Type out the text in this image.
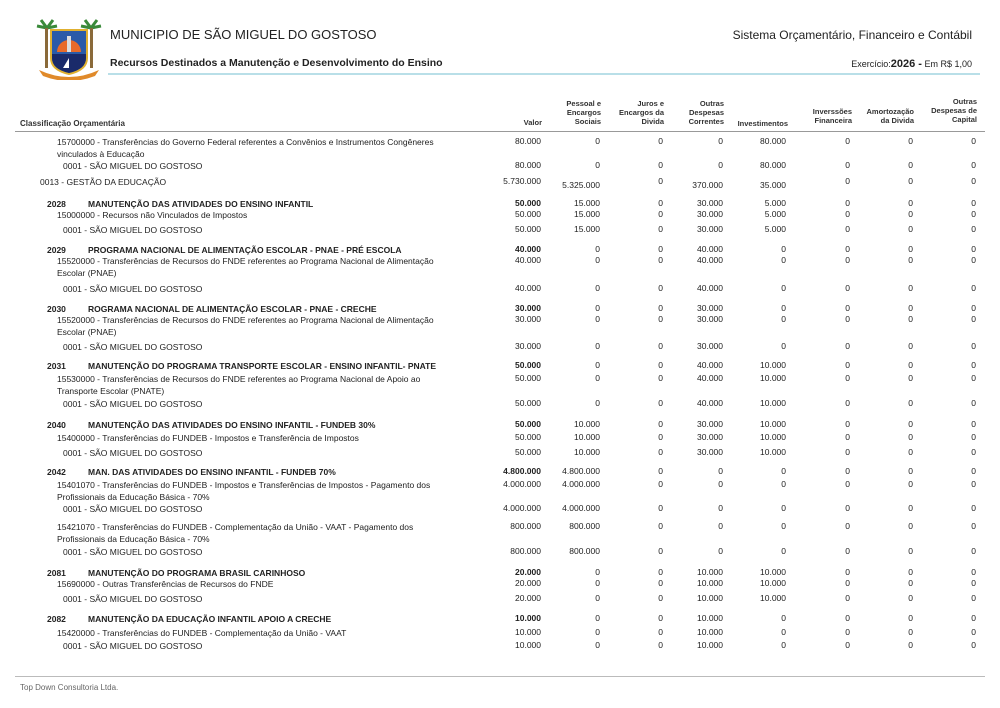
MUNICIPIO DE SÃO MIGUEL DO GOSTOSO	Sistema Orçamentário, Financeiro e Contábil
Recursos Destinados a Manutenção e Desenvolvimento do Ensino	Exercício:2026 - Em R$ 1,00
Classificação Orçamentária	Valor
Pessoal e Encargos Sociais
Juros e Encargos da Divida
Outras Despesas Correntes	Investimentos
Inverssões Financeira
Amortozação da Divida
Outras Despesas de Capital
15700000 - Transferências do Governo Federal referentes a Convênios e Instrumentos Congêneres vinculados à Educação
80.000	0	0	0	80.000	0	0	0
0001 - SÃO MIGUEL DO GOSTOSO	80.000	0	0	0	80.000	0	0	0
0013 - GESTÃO DA EDUCAÇÃO	5.730.000	5.325.000	0	370.000	35.000	0	0	0
2028	MANUTENÇÃO DAS ATIVIDADES DO ENSINO INFANTIL	50.000	15.000	0	30.000	5.000	0	0	0
15000000 - Recursos não Vinculados de Impostos	50.000	15.000	0	30.000	5.000	0	0	0
0001 - SÃO MIGUEL DO GOSTOSO	50.000	15.000	0	30.000	5.000	0	0	0
2029	PROGRAMA NACIONAL DE ALIMENTAÇÃO ESCOLAR - PNAE - PRÉ ESCOLA	40.000	0	0	40.000	0	0	0	0
15520000 - Transferências de Recursos do FNDE referentes ao Programa Nacional de Alimentação Escolar (PNAE)
40.000	0	0	40.000	0	0	0	0
0001 - SÃO MIGUEL DO GOSTOSO	40.000	0	0	40.000	0	0	0	0
2030	ROGRAMA NACIONAL DE ALIMENTAÇÃO ESCOLAR - PNAE - CRECHE	30.000	0	0	30.000	0	0	0	0
15520000 - Transferências de Recursos do FNDE referentes ao Programa Nacional de Alimentação Escolar (PNAE)
30.000	0	0	30.000	0	0	0	0
0001 - SÃO MIGUEL DO GOSTOSO	30.000	0	0	30.000	0	0	0	0
2031	MANUTENÇÃO DO PROGRAMA TRANSPORTE ESCOLAR - ENSINO INFANTIL- PNATE	50.000	0	0	40.000	10.000	0	0	0
15530000 - Transferências de Recursos do FNDE referentes ao Programa Nacional de Apoio ao Transporte Escolar (PNATE)
50.000	0	0	40.000	10.000	0	0	0
0001 - SÃO MIGUEL DO GOSTOSO	50.000	0	0	40.000	10.000	0	0	0
2040	MANUTENÇÃO DAS ATIVIDADES DO ENSINO INFANTIL - FUNDEB 30%	50.000	10.000	0	30.000	10.000	0	0	0
15400000 - Transferências do FUNDEB - Impostos e Transferência de Impostos	50.000	10.000	0	30.000	10.000	0	0	0
0001 - SÃO MIGUEL DO GOSTOSO	50.000	10.000	0	30.000	10.000	0	0	0
2042	MAN. DAS ATIVIDADES DO ENSINO INFANTIL - FUNDEB 70%	4.800.000	4.800.000	0	0	0	0	0	0
15401070 - Transferências do FUNDEB - Impostos e Transferências de Impostos - Pagamento dos Profissionais da Educação Básica - 70%
4.000.000	4.000.000	0	0	0	0	0	0
0001 - SÃO MIGUEL DO GOSTOSO	4.000.000	4.000.000	0	0	0	0	0	0
15421070 - Transferências do FUNDEB - Complementação da União - VAAT - Pagamento dos Profissionais da Educação Básica - 70%
800.000	800.000	0	0	0	0	0	0
0001 - SÃO MIGUEL DO GOSTOSO	800.000	800.000	0	0	0	0	0	0
2081	MANUTENÇÃO DO PROGRAMA BRASIL CARINHOSO	20.000	0	0	10.000	10.000	0	0	0
15690000 - Outras Transferências de Recursos do FNDE	20.000	0	0	10.000	10.000	0	0	0
0001 - SÃO MIGUEL DO GOSTOSO	20.000	0	0	10.000	10.000	0	0	0
2082	MANUTENÇÃO DA EDUCAÇÃO INFANTIL APOIO A CRECHE	10.000	0	0	10.000	0	0	0	0
15420000 - Transferências do FUNDEB - Complementação da União - VAAT	10.000	0	0	10.000	0	0	0	0
0001 - SÃO MIGUEL DO GOSTOSO	10.000	0	0	10.000	0	0	0	0
Top Down Consultoria Ltda.
